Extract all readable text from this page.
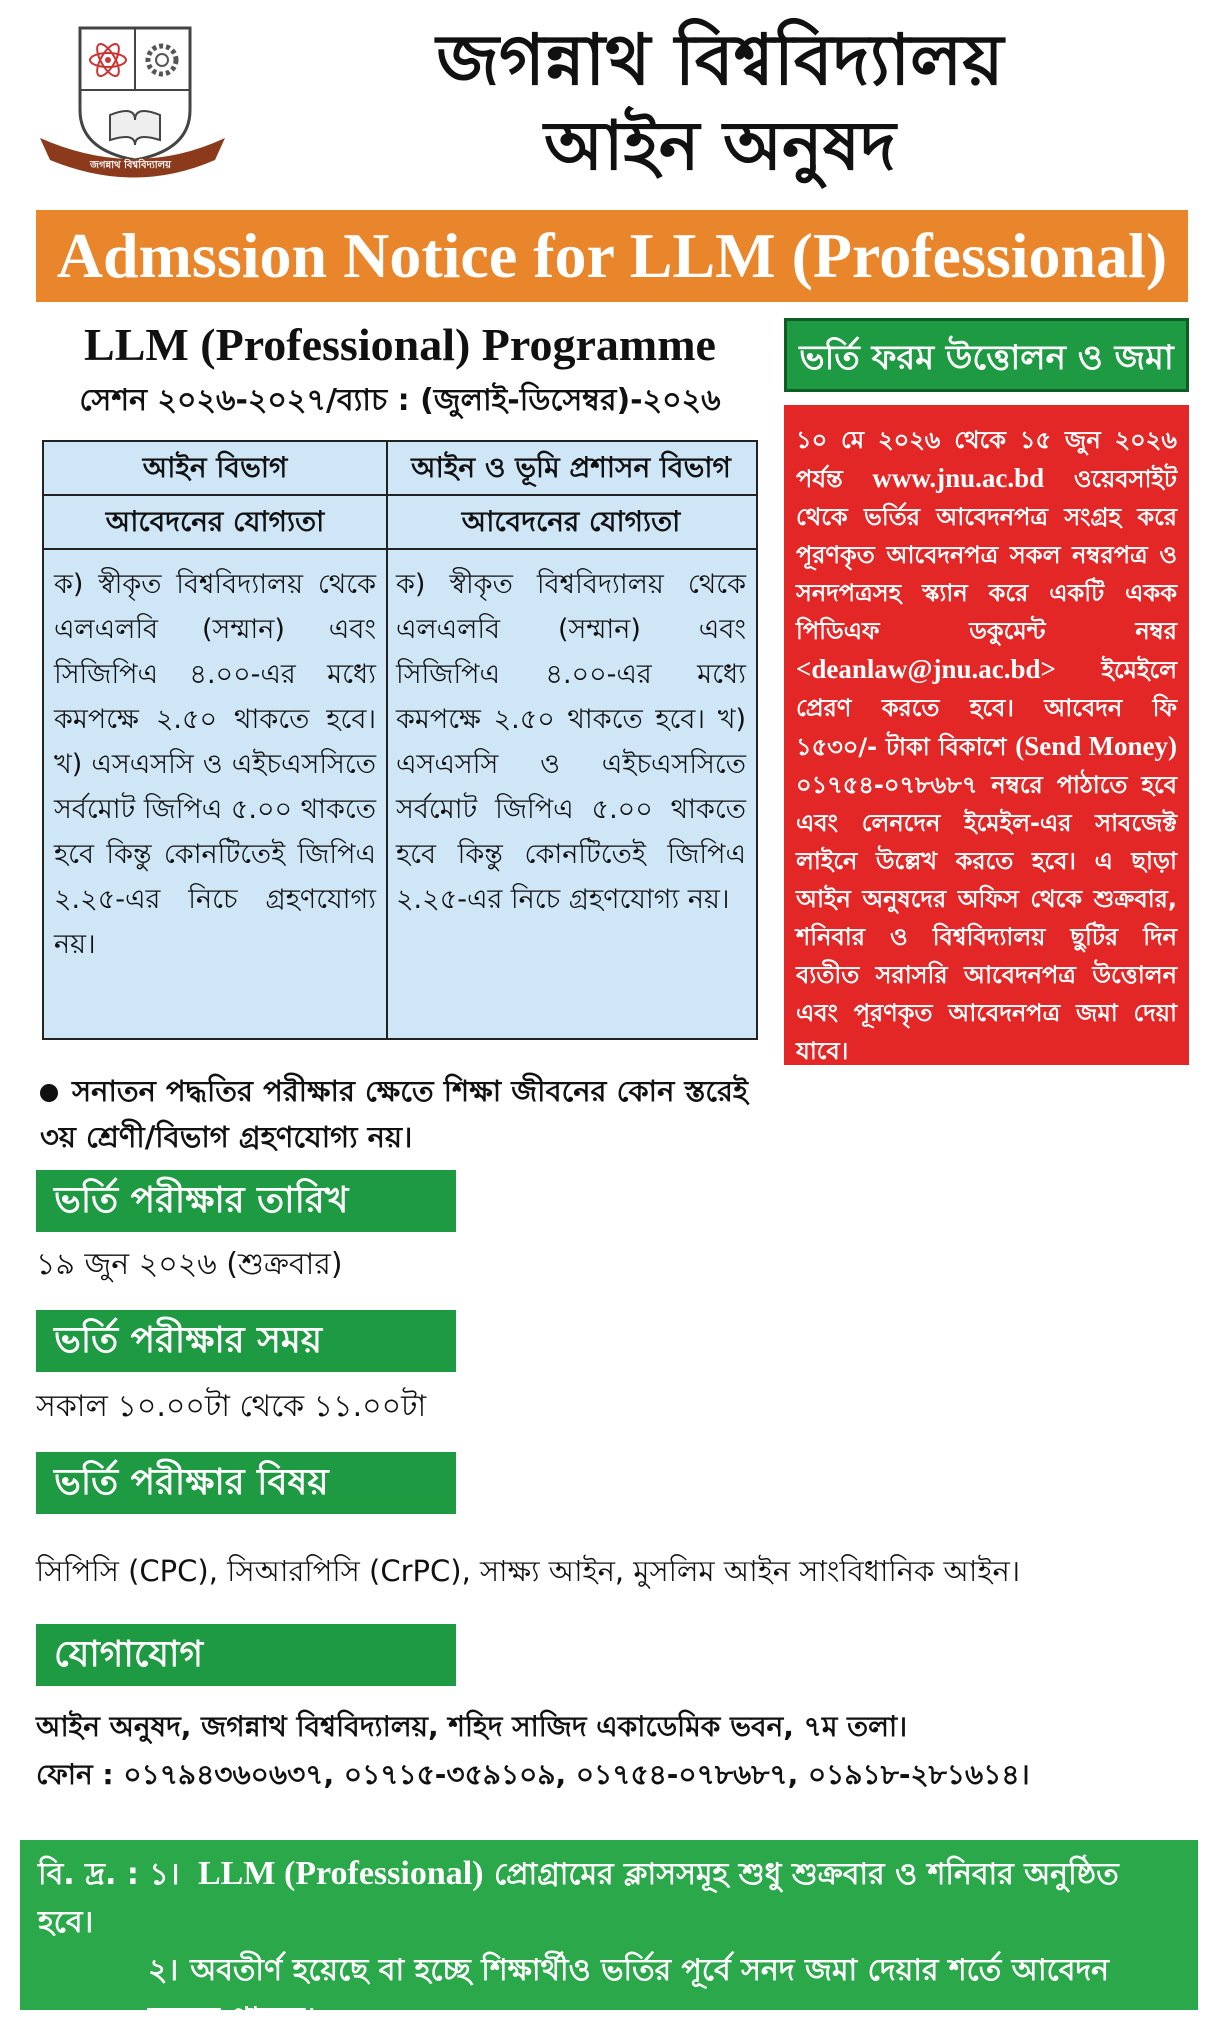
জগন্নাথ বিশ্ববিদ্যালয়
জগন্নাথ বিশ্ববিদ্যালয়
আইন অনুষদ
Admssion Notice for LLM (Professional)
LLM (Professional) Programme
সেশন ২০২৬-২০২৭/ব্যাচ : (জুলাই-ডিসেম্বর)-২০২৬
আইন বিভাগ
আবেদনের যোগ্যতা
ক) স্বীকৃত বিশ্ববিদ্যালয় থেকে এলএলবি (সম্মান) এবং সিজিপিএ ৪.০০-এর মধ্যে কমপক্ষে ২.৫০ থাকতে হবে। খ) এসএসসি ও এইচএসসিতে সর্বমোট জিপিএ ৫.০০ থাকতে হবে কিন্তু কোনটিতেই জিপিএ ২.২৫-এর নিচে গ্রহণযোগ্য নয়।
আইন ও ভূমি প্রশাসন বিভাগ
আবেদনের যোগ্যতা
ক) স্বীকৃত বিশ্ববিদ্যালয় থেকে এলএলবি (সম্মান) এবং সিজিপিএ ৪.০০-এর মধ্যে কমপক্ষে ২.৫০ থাকতে হবে। খ) এসএসসি ও এইচএসসিতে সর্বমোট জিপিএ ৫.০০ থাকতে হবে কিন্তু কোনটিতেই জিপিএ ২.২৫-এর নিচে গ্রহণযোগ্য নয়।
সনাতন পদ্ধতির পরীক্ষার ক্ষেতে শিক্ষা জীবনের কোন স্তরেই ৩য় শ্রেণী/বিভাগ গ্রহণযোগ্য নয়।
ভর্তি ফরম উত্তোলন ও জমা
১০ মে ২০২৬ থেকে ১৫ জুন ২০২৬ পর্যন্ত www.jnu.ac.bd ওয়েবসাইট থেকে ভর্তির আবেদনপত্র সংগ্রহ করে পূরণকৃত আবেদনপত্র সকল নম্বরপত্র ও সনদপত্রসহ স্ক্যান করে একটি একক পিডিএফ ডকুমেন্ট নম্বর <deanlaw@jnu.ac.bd> ইমেইলে প্রেরণ করতে হবে। আবেদন ফি ১৫৩০/- টাকা বিকাশে (Send Money) ০১৭৫৪-০৭৮৬৮৭ নম্বরে পাঠাতে হবে এবং লেনদেন ইমেইল-এর সাবজেক্ট লাইনে উল্লেখ করতে হবে। এ ছাড়া আইন অনুষদের অফিস থেকে শুক্রবার, শনিবার ও বিশ্ববিদ্যালয় ছুটির দিন ব্যতীত সরাসরি আবেদনপত্র উত্তোলন এবং পূরণকৃত আবেদনপত্র জমা দেয়া যাবে।
ভর্তি পরীক্ষার তারিখ
১৯ জুন ২০২৬ (শুক্রবার)
ভর্তি পরীক্ষার সময়
সকাল ১০.০০টা থেকে ১১.০০টা
ভর্তি পরীক্ষার বিষয়
সিপিসি (CPC), সিআরপিসি (CrPC), সাক্ষ্য আইন, মুসলিম আইন সাংবিধানিক আইন।
যোগাযোগ
আইন অনুষদ, জগন্নাথ বিশ্ববিদ্যালয়, শহিদ সাজিদ একাডেমিক ভবন, ৭ম তলা।
ফোন : ০১৭৯৪৩৬০৬৩৭, ০১৭১৫-৩৫৯১০৯, ০১৭৫৪-০৭৮৬৮৭, ০১৯১৮-২৮১৬১৪।
বি. দ্র. : ১। LLM (Professional) প্রোগ্রামের ক্লাসসমূহ শুধু শুক্রবার ও শনিবার অনুষ্ঠিত হবে।
২। অবতীর্ণ হয়েছে বা হচ্ছে শিক্ষার্থীও ভর্তির পূর্বে সনদ জমা দেয়ার শর্তে আবেদন করতে পারবে।
